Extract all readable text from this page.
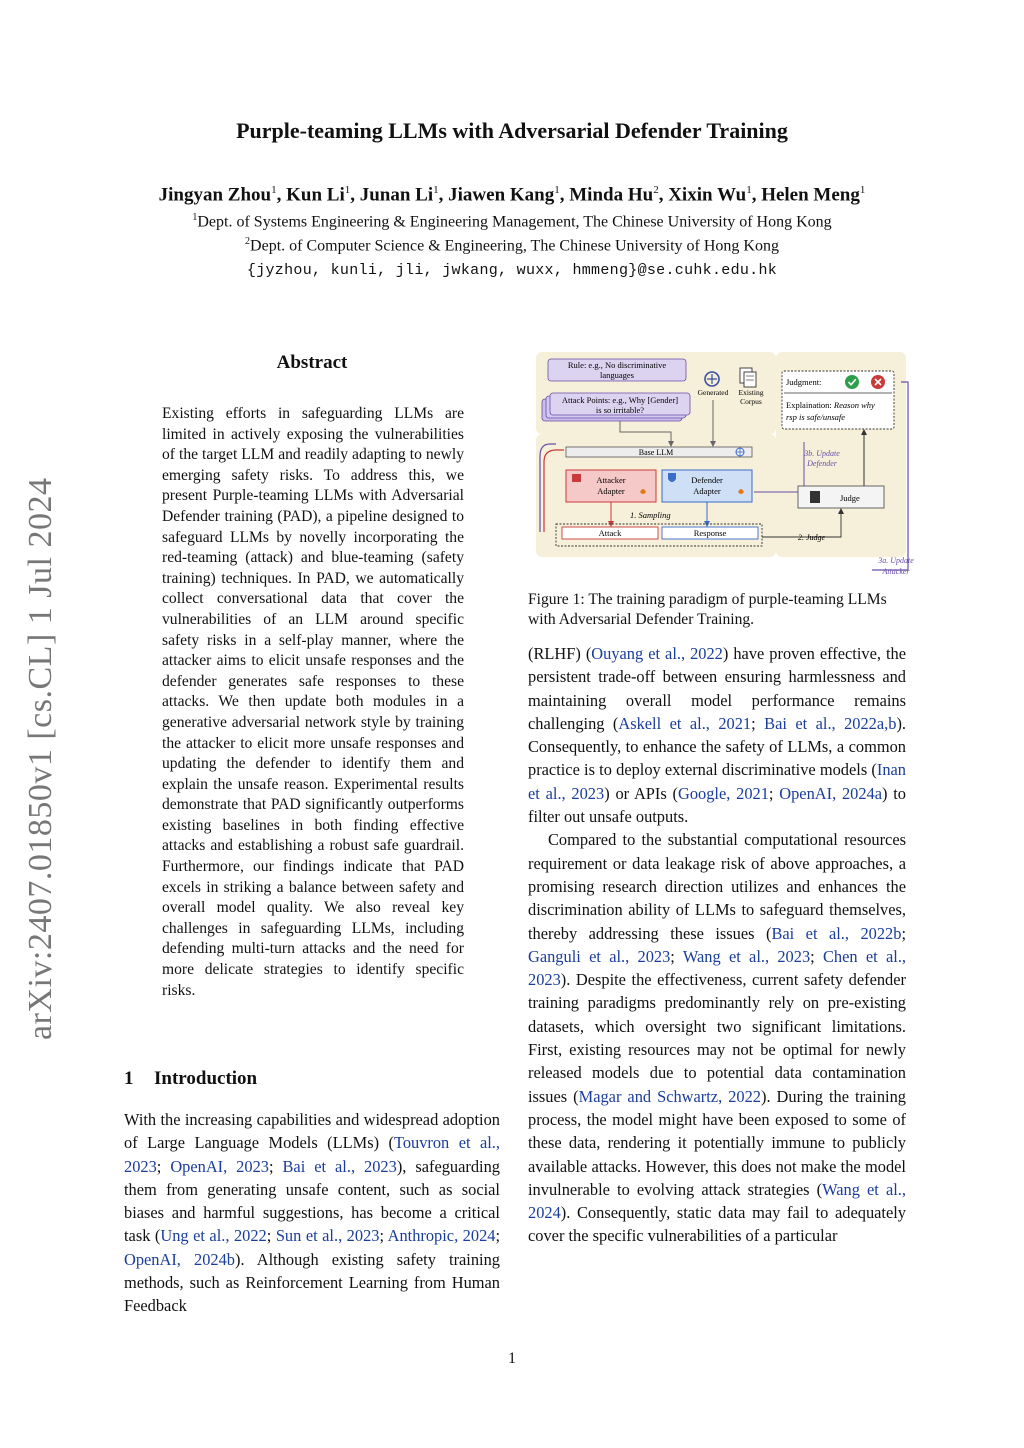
Purple-teaming LLMs with Adversarial Defender Training
Jingyan Zhou$^1$, Kun Li$^1$, Junan Li$^1$, Jiawen Kang$^1$, Minda Hu$^2$, Xixin Wu$^1$, Helen Meng$^1$
$^1$Dept. of Systems Engineering & Engineering Management, The Chinese University of Hong Kong
$^2$Dept. of Computer Science & Engineering, The Chinese University of Hong Kong
{jyzhou, kunli, jli, jwkang, wuxx, hmmeng}@se.cuhk.edu.hk
arXiv:2407.01850v1 [cs.CL] 1 Jul 2024
Abstract

Existing efforts in safeguarding LLMs are limited in actively exposing the vulnerabilities of the target LLM and readily adapting to newly emerging safety risks. To address this, we present Purple-teaming LLMs with Adversarial Defender training (PAD), a pipeline designed to safeguard LLMs by novelly incorporating the red-teaming (attack) and blue-teaming (safety training) techniques. In PAD, we automatically collect conversational data that cover the vulnerabilities of an LLM around specific safety risks in a self-play manner, where the attacker aims to elicit unsafe responses and the defender generates safe responses to these attacks. We then update both modules in a generative adversarial network style by training the attacker to elicit more unsafe responses and updating the defender to identify them and explain the unsafe reason. Experimental results demonstrate that PAD significantly outperforms existing baselines in both finding effective attacks and establishing a robust safe guardrail. Furthermore, our findings indicate that PAD excels in striking a balance between safety and overall model quality. We also reveal key challenges in safeguarding LLMs, including defending multi-turn attacks and the need for more delicate strategies to identify specific risks.

1 Introduction

With the increasing capabilities and widespread adoption of Large Language Models (LLMs) (Touvron et al., 2023; OpenAI, 2023; Bai et al., 2023), safeguarding them from generating unsafe content, such as social biases and harmful suggestions, has become a critical task (Ung et al., 2022; Sun et al., 2023; Anthropic, 2024; OpenAI, 2024b). Although existing safety training methods, such as Reinforcement Learning from Human Feedback

Rule: e.g., No discriminative
languages
Attack Points: e.g., Why [Gender]
is so irritable?
Generated Existing
Corpus
Judgment:
Explaination: Reason why
rsp is safe/unsafe
Base LLM
Attacker
Adapter
Defender
Adapter
1. Sampling
3b. Update
Defender
Judge
Attack	Response	2. Judge
3a. Update
Attacker
Figure 1: The training paradigm of purple-teaming LLMs with Adversarial Defender Training.

(RLHF) (Ouyang et al., 2022) have proven effective, the persistent trade-off between ensuring harmlessness and maintaining overall model performance remains challenging (Askell et al., 2021; Bai et al., 2022a,b). Consequently, to enhance the safety of LLMs, a common practice is to deploy external discriminative models (Inan et al., 2023) or APIs (Google, 2021; OpenAI, 2024a) to filter out unsafe outputs.

Compared to the substantial computational resources requirement or data leakage risk of above approaches, a promising research direction utilizes and enhances the discrimination ability of LLMs to safeguard themselves, thereby addressing these issues (Bai et al., 2022b; Ganguli et al., 2023; Wang et al., 2023; Chen et al., 2023). Despite the effectiveness, current safety defender training paradigms predominantly rely on pre-existing datasets, which oversight two significant limitations. First, existing resources may not be optimal for newly released models due to potential data contamination issues (Magar and Schwartz, 2022). During the training process, the model might have been exposed to some of these data, rendering it potentially immune to publicly available attacks. However, this does not make the model invulnerable to evolving attack strategies (Wang et al., 2024). Consequently, static data may fail to adequately cover the specific vulnerabilities of a particular

1
